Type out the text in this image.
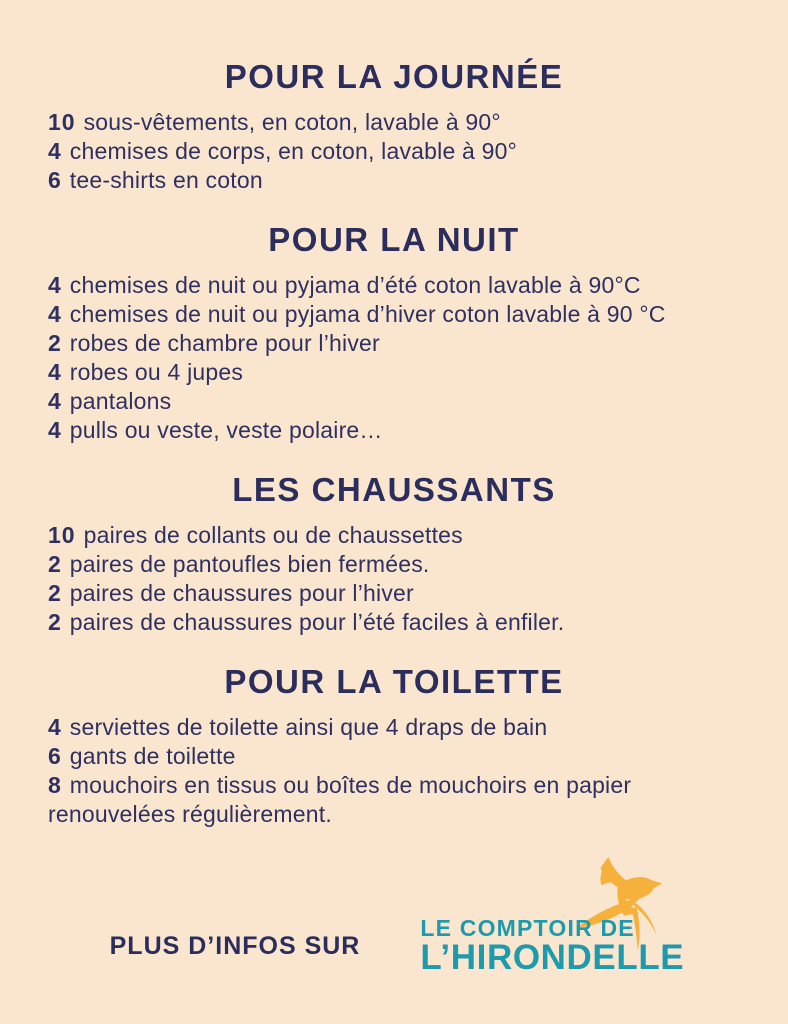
POUR LA JOURNÉE

10 sous-vêtements, en coton, lavable à 90°

4 chemises de corps, en coton, lavable à 90°

6 tee-shirts en coton

POUR LA NUIT

4 chemises de nuit ou pyjama d’été coton lavable à 90°C

4 chemises de nuit ou pyjama d’hiver coton lavable à 90 °C

2 robes de chambre pour l’hiver

4 robes ou 4 jupes

4 pantalons

4 pulls ou veste, veste polaire…

LES CHAUSSANTS

10 paires de collants ou de chaussettes

2 paires de pantoufles bien fermées.

2 paires de chaussures pour l’hiver

2 paires de chaussures pour l’été faciles à enfiler.

POUR LA TOILETTE

4 serviettes de toilette ainsi que 4 draps de bain

6 gants de toilette

8 mouchoirs en tissus ou boîtes de mouchoirs en papier renouvelées régulièrement.

PLUS D’INFOS SUR

LE COMPTOIR DE
L’HIRONDELLE
